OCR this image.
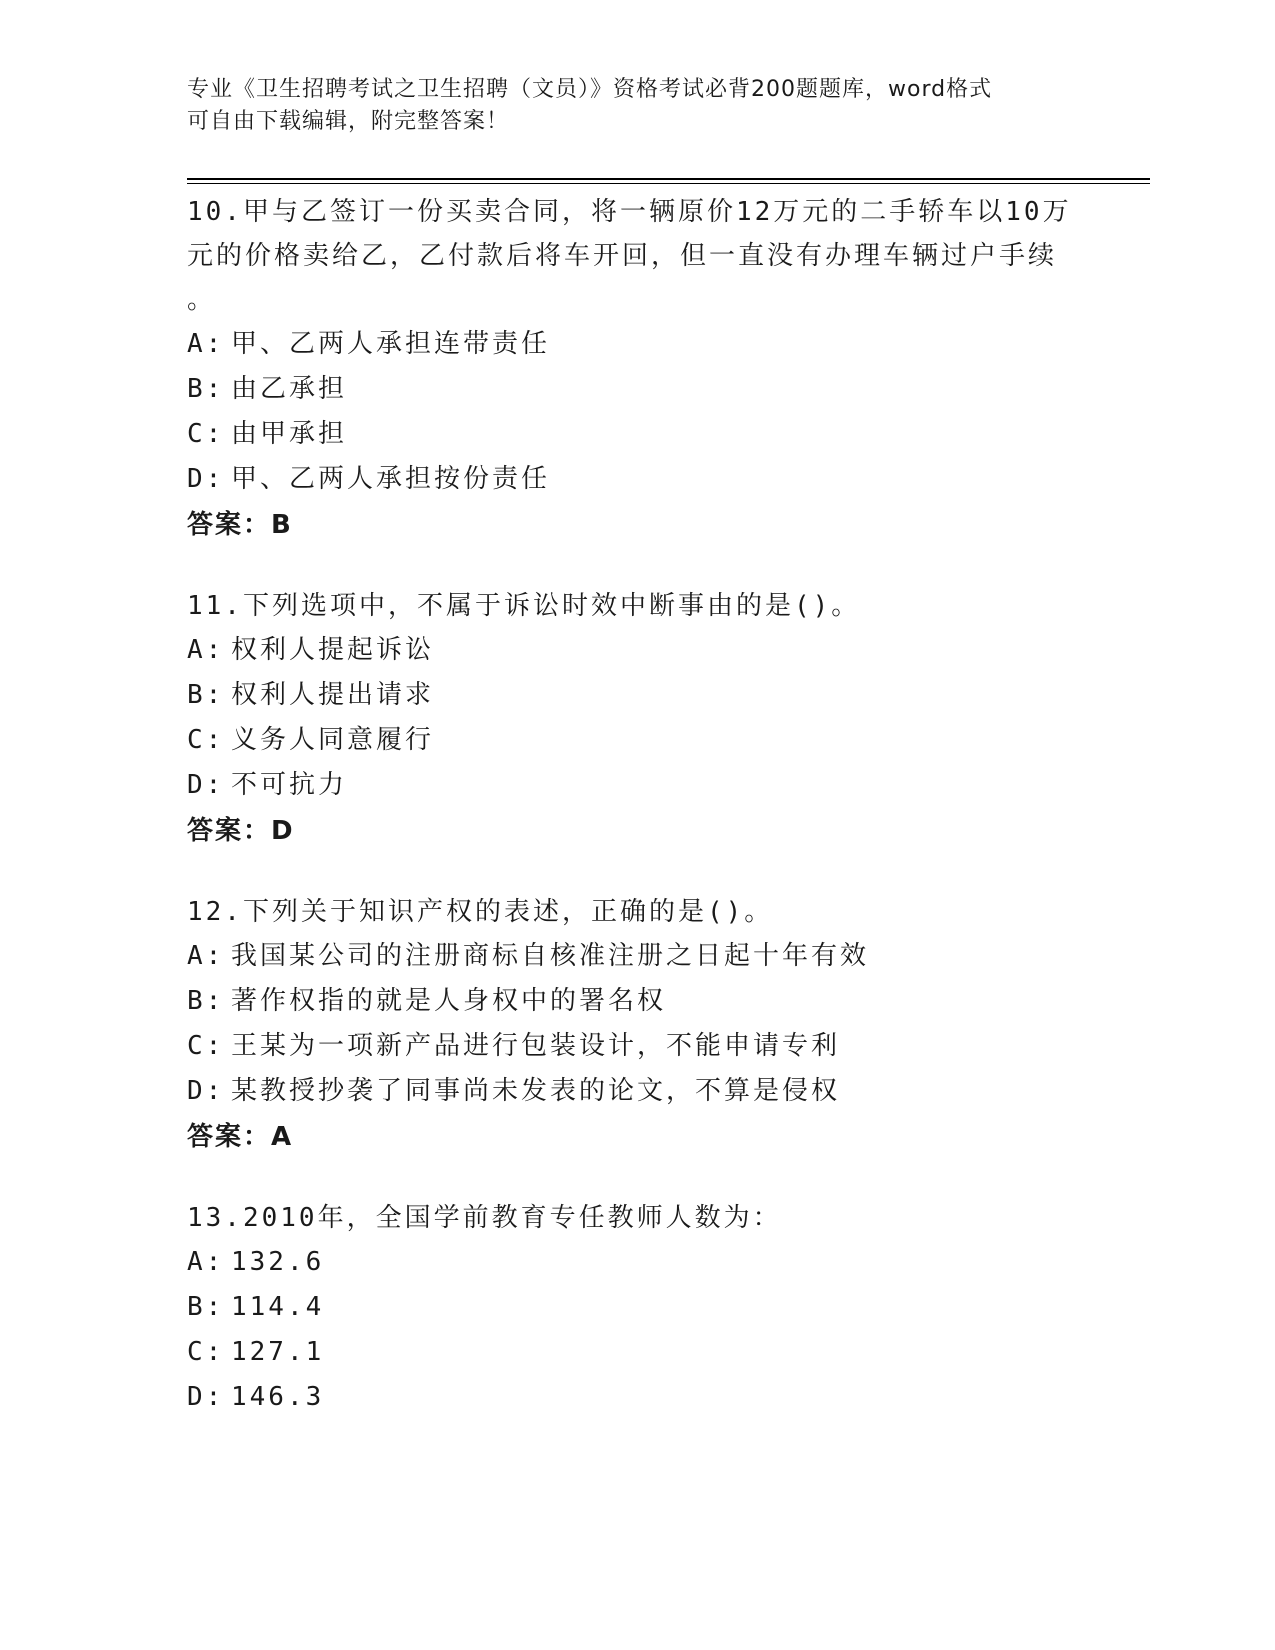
专业《卫生招聘考试之卫生招聘（文员）》资格考试必背200题题库，word格式
可自由下载编辑，附完整答案！
10.甲与乙签订一份买卖合同，将一辆原价12万元的二手轿车以10万
元的价格卖给乙，乙付款后将车开回，但一直没有办理车辆过户手续
。
A: 甲、乙两人承担连带责任
B: 由乙承担
C: 由甲承担
D: 甲、乙两人承担按份责任
答案：B
11.下列选项中，不属于诉讼时效中断事由的是()。
A: 权利人提起诉讼
B: 权利人提出请求
C: 义务人同意履行
D: 不可抗力
答案：D
12.下列关于知识产权的表述，正确的是()。
A: 我国某公司的注册商标自核准注册之日起十年有效
B: 著作权指的就是人身权中的署名权
C: 王某为一项新产品进行包装设计，不能申请专利
D: 某教授抄袭了同事尚未发表的论文，不算是侵权
答案：A
13.2010年，全国学前教育专任教师人数为：
A: 132.6
B: 114.4
C: 127.1
D: 146.3
